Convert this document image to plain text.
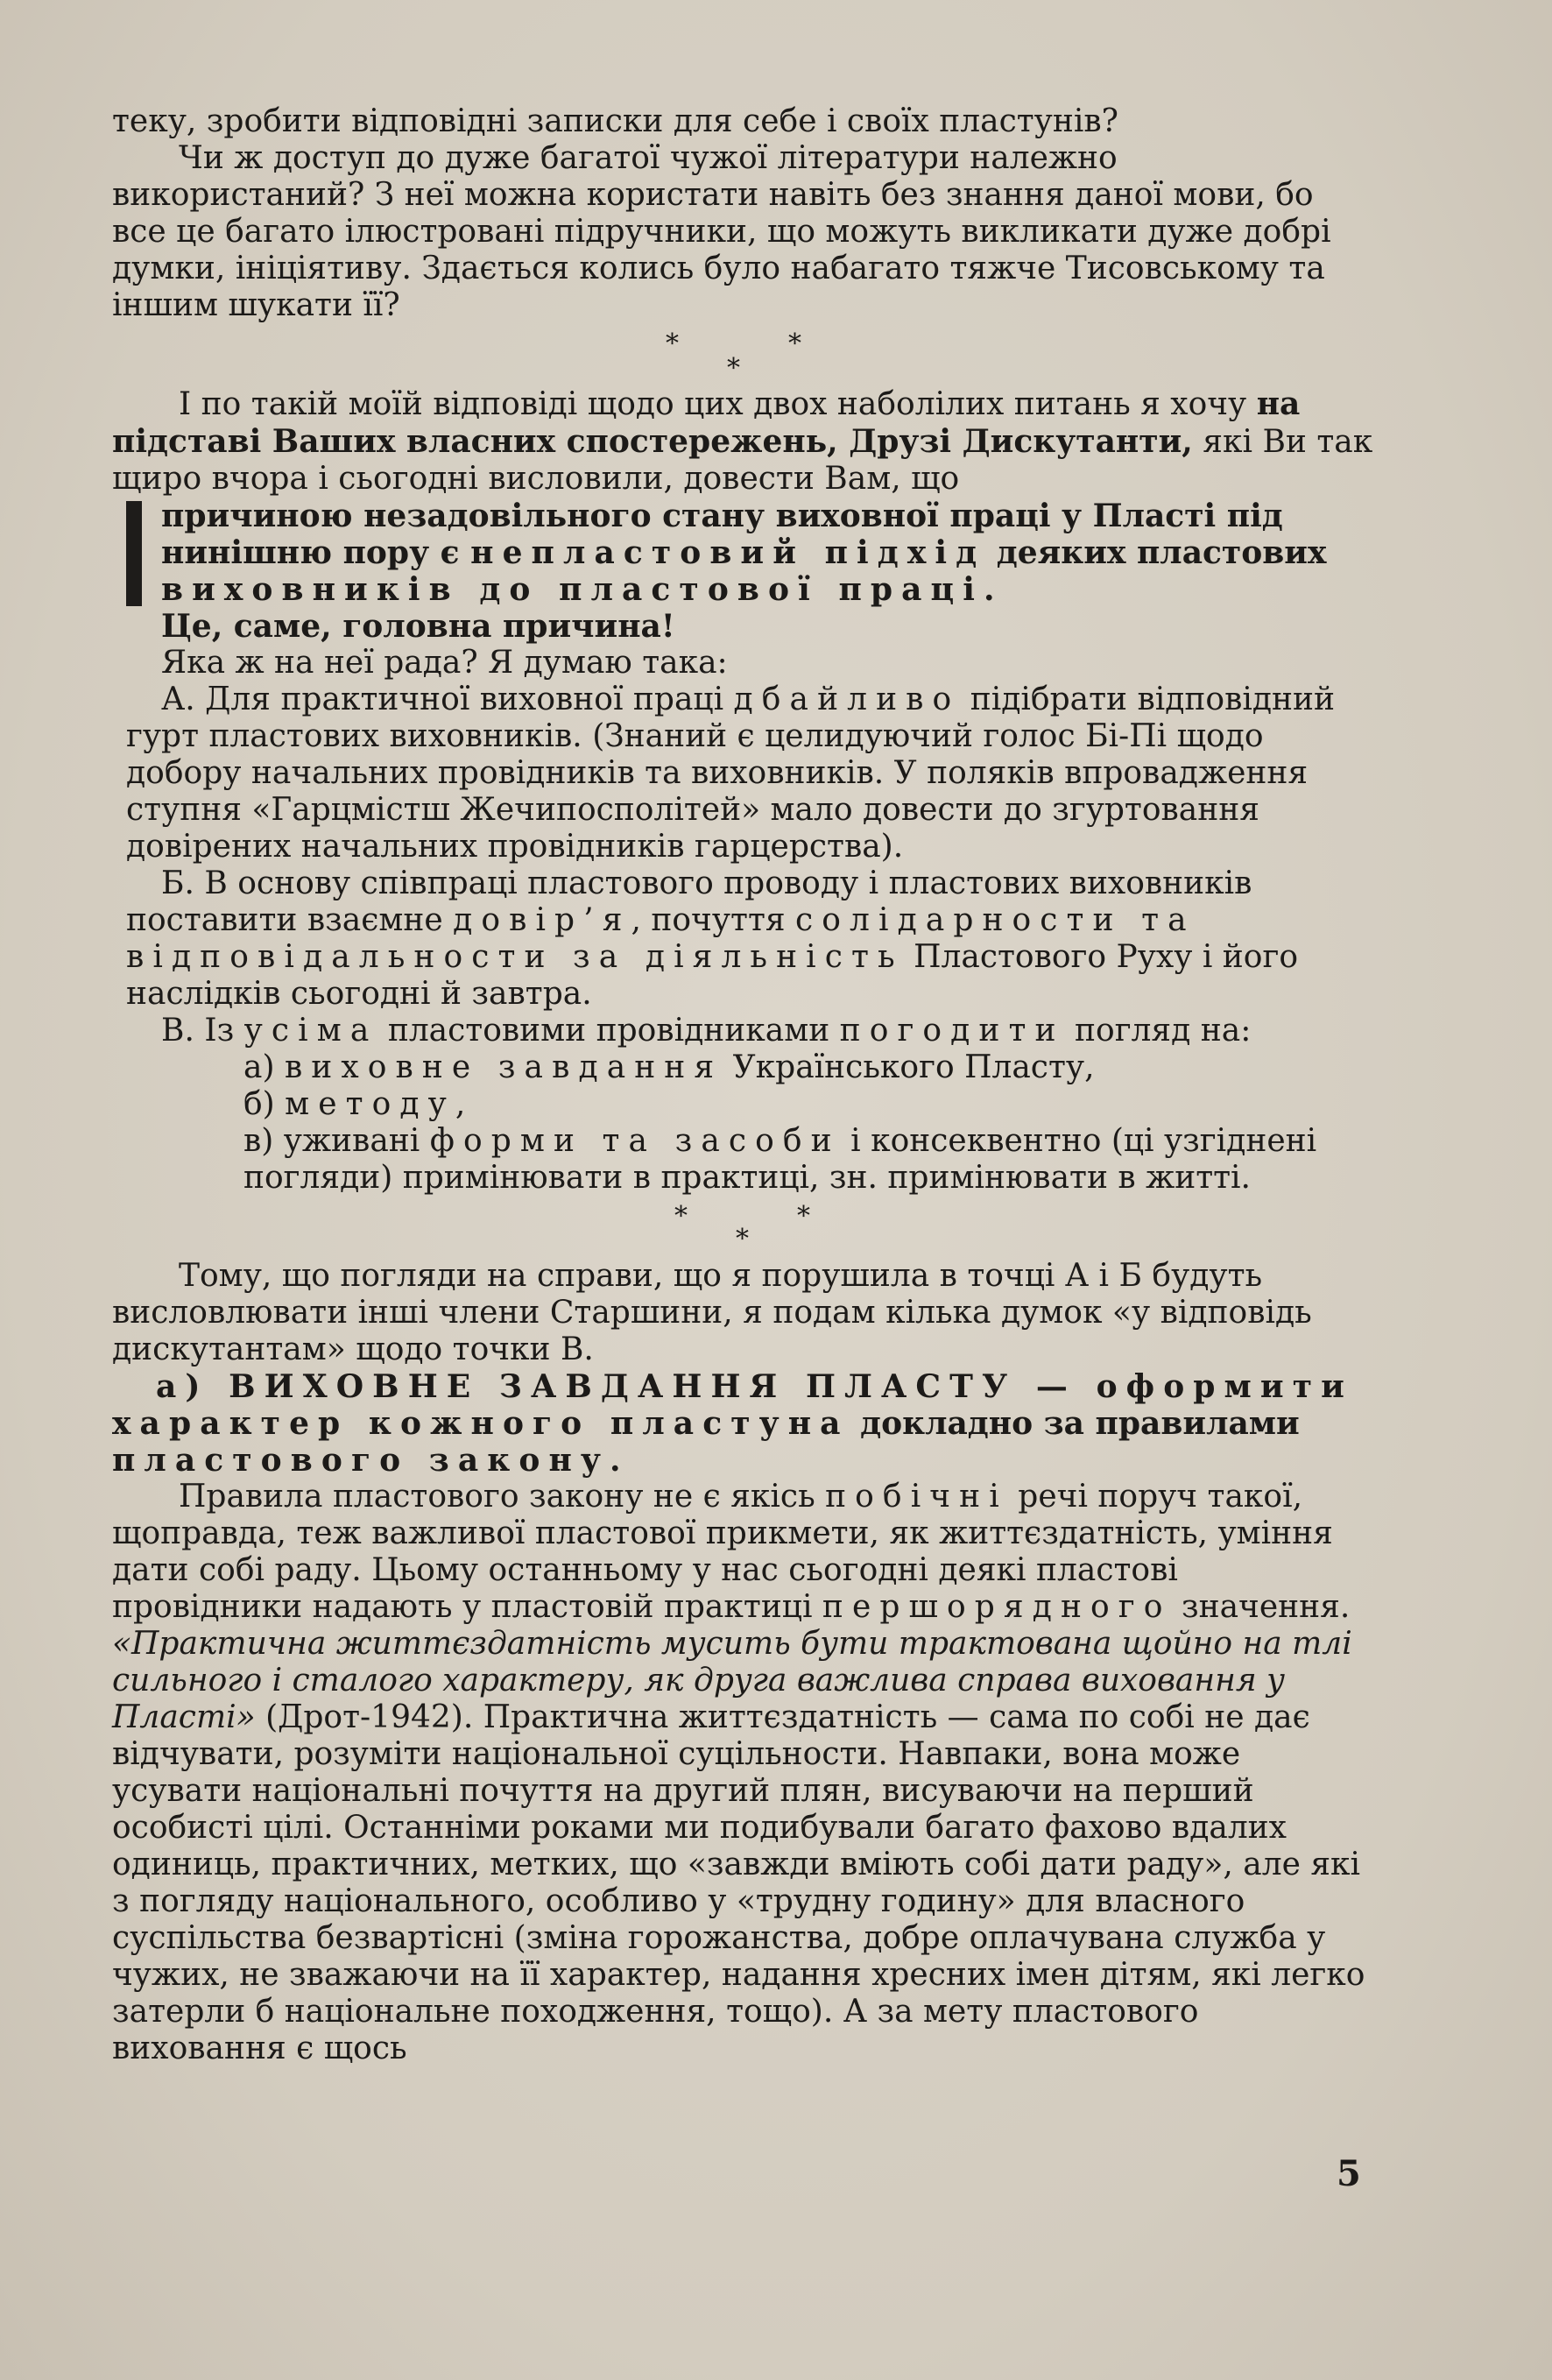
теку, зробити відповідні записки для себе і своїх пластунів?

Чи ж доступ до дуже багатої чужої літератури належно використаний? З неї можна користати навіть без знання даної мови, бо все це багато ілюстровані підручники, що можуть викликати дуже добрі думки, ініціятиву. Здається колись було набагато тяжче Тисовському та іншим шукати її?

*	*
*

І по такій моїй відповіді щодо цих двох наболілих питань я хочу на підставі Ваших власних спостережень, Друзі Дискутанти, які Ви так щиро вчора і сьогодні висловили, довести Вам, що

причиною незадовільного стану виховної праці у Пласті під нинішню пору є непластовий підхід деяких пластових виховників до пластової праці.

Це, саме, головна причина!

Яка ж на неї рада? Я думаю така:

А. Для практичної виховної праці дбайливо підібрати відповідний гурт пластових виховників. (Знаний є целидуючий голос Бі-Пі щодо добору начальних провідників та виховників. У поляків впровадження ступня «Гарцмістш Жечипосполітей» мало довести до згуртовання довірених начальних провідників гарцерства).

Б. В основу співпраці пластового проводу і пластових виховників поставити взаємне довір’я, почуття солідарности та відповідальности за діяльність Пластового Руху і його наслідків сьогодні й завтра.

В. Із усіма пластовими провідниками погодити погляд на:

а) виховне завдання Українського Пласту,

б) методу,

в) уживані форми та засоби і консеквентно (ці узгіднені погляди) примінювати в практиці, зн. примінювати в житті.

*	*
*

Тому, що погляди на справи, що я порушила в точці А і Б будуть висловлювати інші члени Старшини, я подам кілька думок «у відповідь дискутантам» щодо точки В.

а) ВИХОВНЕ ЗАВДАННЯ ПЛАСТУ — оформити характер кожного пластуна докладно за правилами пластового закону.

Правила пластового закону не є якісь побічні речі поруч такої, щоправда, теж важливої пластової прикмети, як життєздатність, уміння дати собі раду. Цьому останньому у нас сьогодні деякі пластові провідники надають у пластовій практиці першорядного значення. «Практична життєздатність мусить бути трактована щойно на тлі сильного і сталого характеру, як друга важлива справа виховання у Пласті» (Дрот-1942). Практична життєздатність — сама по собі не дає відчувати, розуміти національної суцільности. Навпаки, вона може усувати національні почуття на другий плян, висуваючи на перший особисті цілі. Останніми роками ми подибували багато фахово вдалих одиниць, практичних, метких, що «завжди вміють собі дати раду», але які з погляду національного, особливо у «трудну годину» для власного суспільства безвартісні (зміна горожанства, добре оплачувана служба у чужих, не зважаючи на її характер, надання хресних імен дітям, які легко затерли б національне походження, тощо). А за мету пластового виховання є щось

5
